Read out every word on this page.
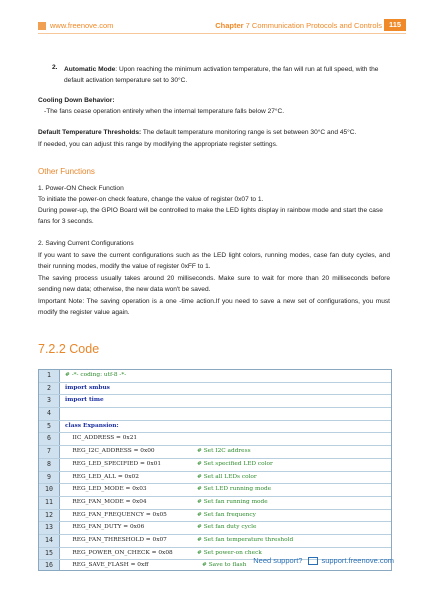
www.freenove.com	Chapter 7 Communication Protocols and Controls 115
2. Automatic Mode: Upon reaching the minimum activation temperature, the fan will run at full speed, with the default activation temperature set to 30°C.
Cooling Down Behavior:
-The fans cease operation entirely when the internal temperature falls below 27°C.
Default Temperature Thresholds: The default temperature monitoring range is set between 30°C and 45°C.
If needed, you can adjust this range by modifying the appropriate register settings.
Other Functions
1. Power-ON Check Function
To initiate the power-on check feature, change the value of register 0x07 to 1.
During power-up, the GPIO Board will be controlled to make the LED lights display in rainbow mode and start the case fans for 3 seconds.
2. Saving Current Configurations
If you want to save the current configurations such as the LED light colors, running modes, case fan duty cycles, and their running modes, modify the value of register 0xFF to 1.
The saving process usually takes around 20 milliseconds. Make sure to wait for more than 20 milliseconds before sending new data; otherwise, the new data won't be saved.
Important Note: The saving operation is a one -time action.If you need to save a new set of configurations, you must modify the register value again.
7.2.2 Code
1	# -*- coding: utf-8 -*-
2	import smbus
3	import time
4
5	class Expansion:
6	IIC_ADDRESS = 0x21
7	REG_I2C_ADDRESS = 0x00	# Set I2C address
8	REG_LED_SPECIFIED = 0x01	# Set specified LED color
9	REG_LED_ALL = 0x02	# Set all LEDs color
10	REG_LED_MODE = 0x03	# Set LED running mode
11	REG_FAN_MODE = 0x04	# Set fan running mode
12	REG_FAN_FREQUENCY = 0x05	# Set fan frequency
13	REG_FAN_DUTY = 0x06	# Set fan duty cycle
14	REG_FAN_THRESHOLD = 0x07	# Set fan temperature threshold
15	REG_POWER_ON_CHECK = 0x08	# Set power-on check
16	REG_SAVE_FLASH = 0xff	# Save to flash
Need support?	support.freenove.com
